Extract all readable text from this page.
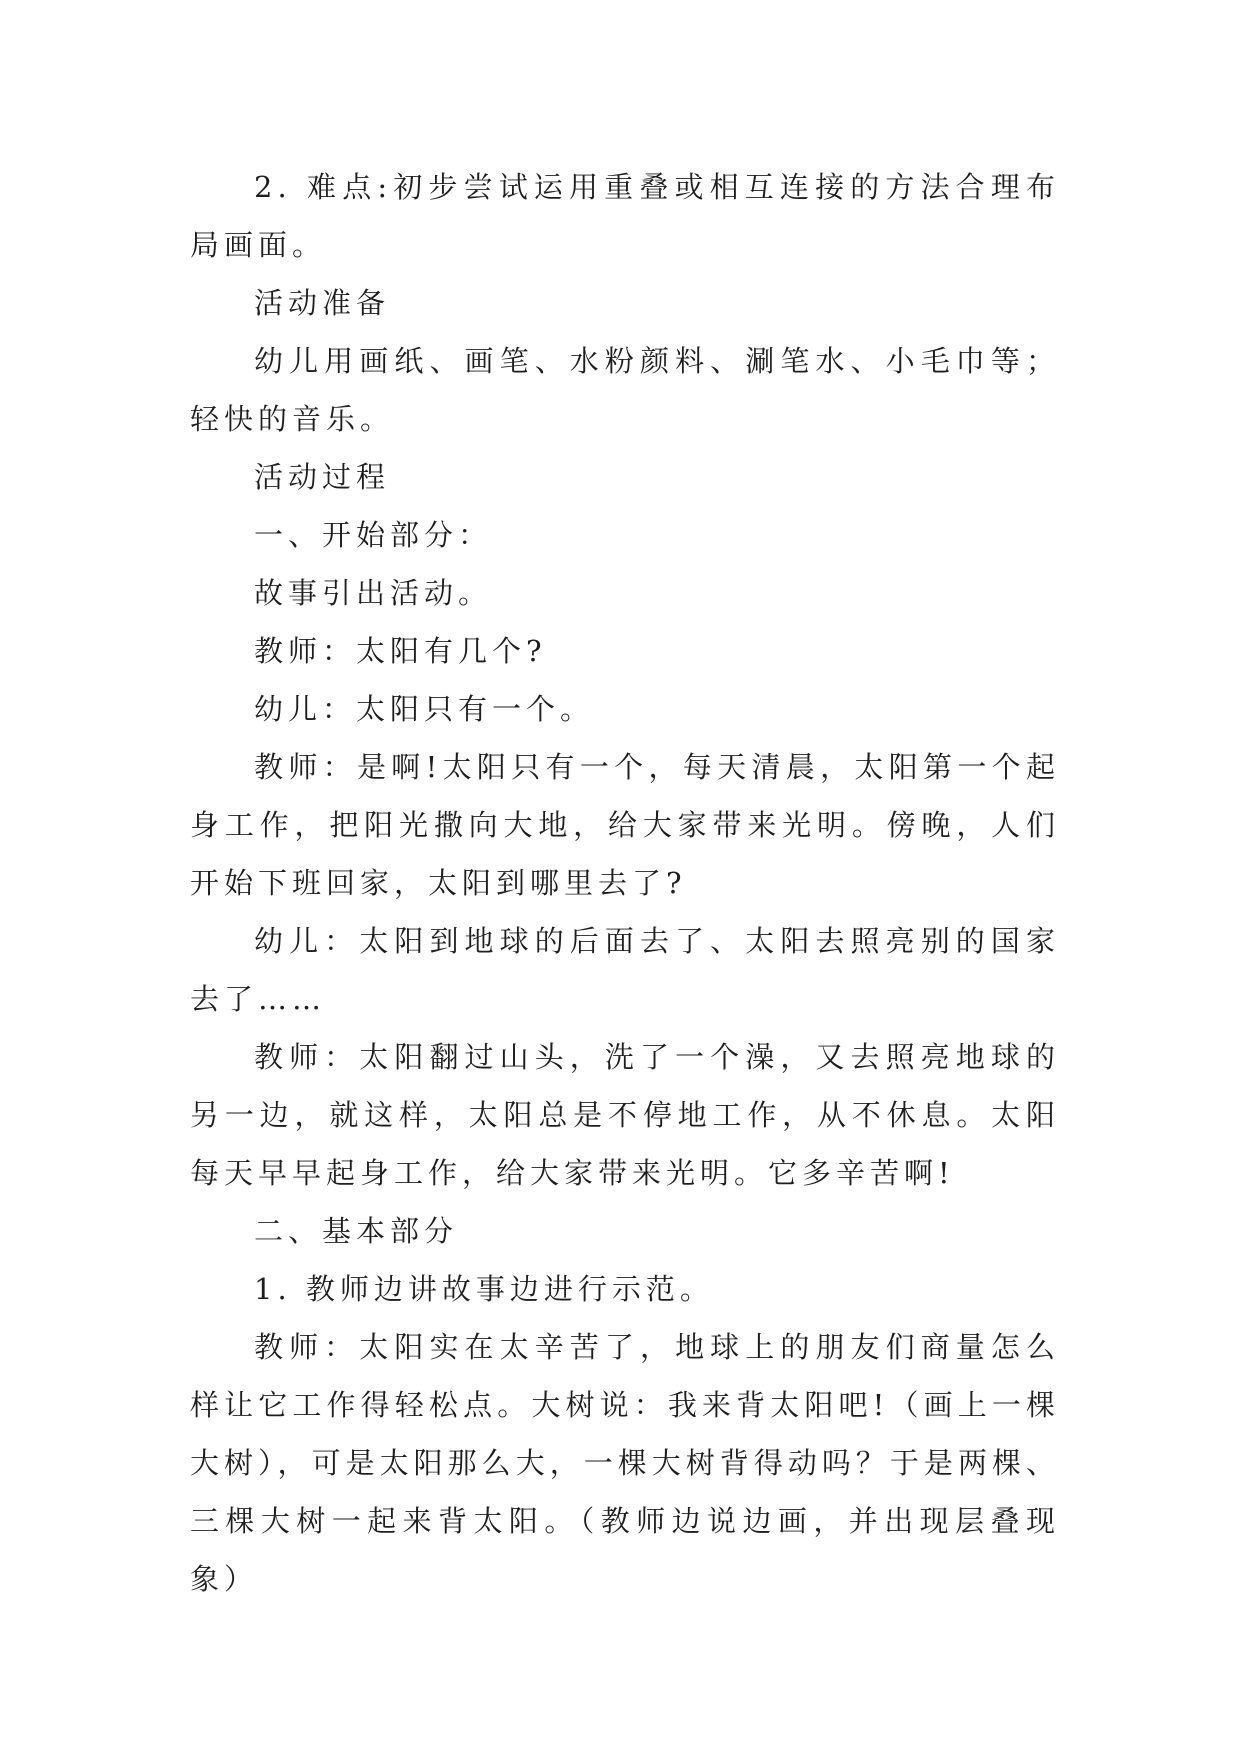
2. 难点:初步尝试运用重叠或相互连接的方法合理布局画面。

活动准备

幼儿用画纸、画笔、水粉颜料、涮笔水、小毛巾等；轻快的音乐。

活动过程

一、开始部分：

故事引出活动。

教师：太阳有几个?

幼儿：太阳只有一个。

教师：是啊!太阳只有一个，每天清晨，太阳第一个起身工作，把阳光撒向大地，给大家带来光明。傍晚，人们开始下班回家，太阳到哪里去了?

幼儿：太阳到地球的后面去了、太阳去照亮别的国家去了……

教师：太阳翻过山头，洗了一个澡，又去照亮地球的另一边，就这样，太阳总是不停地工作，从不休息。太阳每天早早起身工作，给大家带来光明。它多辛苦啊!

二、基本部分

1. 教师边讲故事边进行示范。

教师：太阳实在太辛苦了，地球上的朋友们商量怎么样让它工作得轻松点。大树说：我来背太阳吧!（画上一棵大树），可是太阳那么大，一棵大树背得动吗？于是两棵、三棵大树一起来背太阳。（教师边说边画，并出现层叠现象）
